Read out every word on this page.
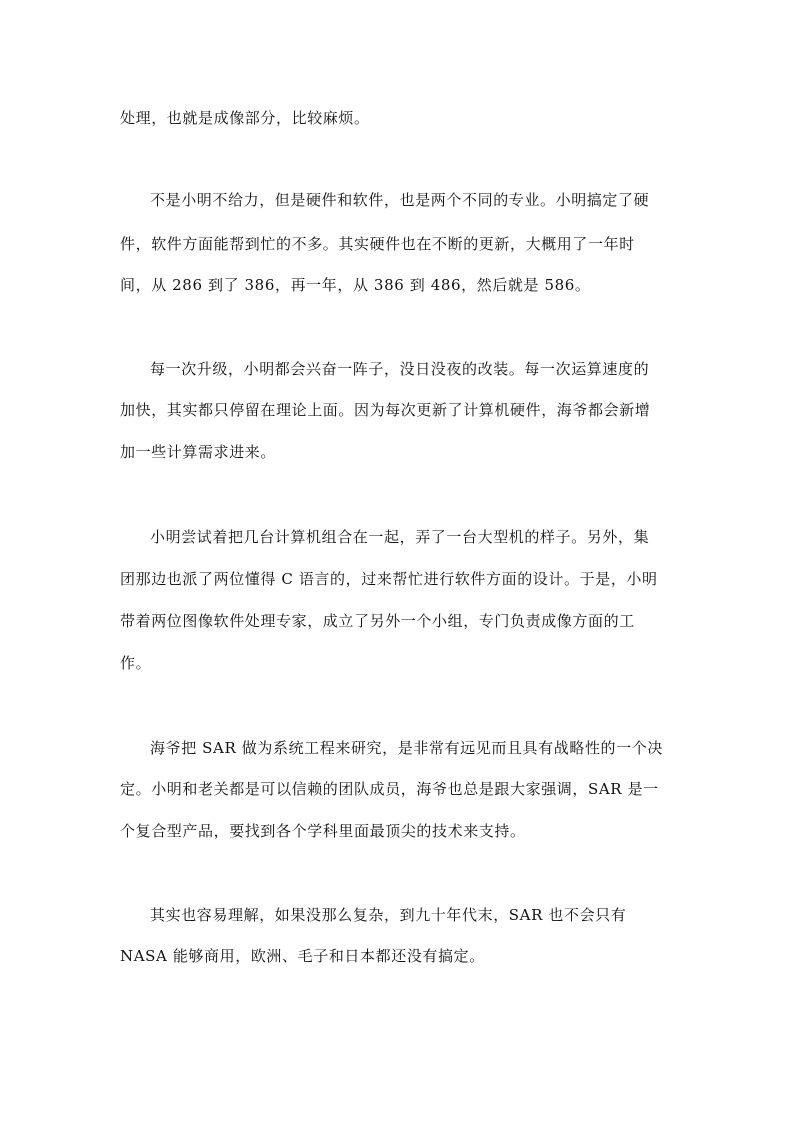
处理，也就是成像部分，比较麻烦。
不是小明不给力，但是硬件和软件，也是两个不同的专业。小明搞定了硬
件，软件方面能帮到忙的不多。其实硬件也在不断的更新，大概用了一年时
间，从 286 到了 386，再一年，从 386 到 486，然后就是 586。
每一次升级，小明都会兴奋一阵子，没日没夜的改装。每一次运算速度的
加快，其实都只停留在理论上面。因为每次更新了计算机硬件，海爷都会新增
加一些计算需求进来。
小明尝试着把几台计算机组合在一起，弄了一台大型机的样子。另外，集
团那边也派了两位懂得 C 语言的，过来帮忙进行软件方面的设计。于是，小明
带着两位图像软件处理专家，成立了另外一个小组，专门负责成像方面的工
作。
海爷把 SAR 做为系统工程来研究，是非常有远见而且具有战略性的一个决
定。小明和老关都是可以信赖的团队成员，海爷也总是跟大家强调，SAR 是一
个复合型产品，要找到各个学科里面最顶尖的技术来支持。
其实也容易理解，如果没那么复杂，到九十年代末，SAR 也不会只有
NASA 能够商用，欧洲、毛子和日本都还没有搞定。
